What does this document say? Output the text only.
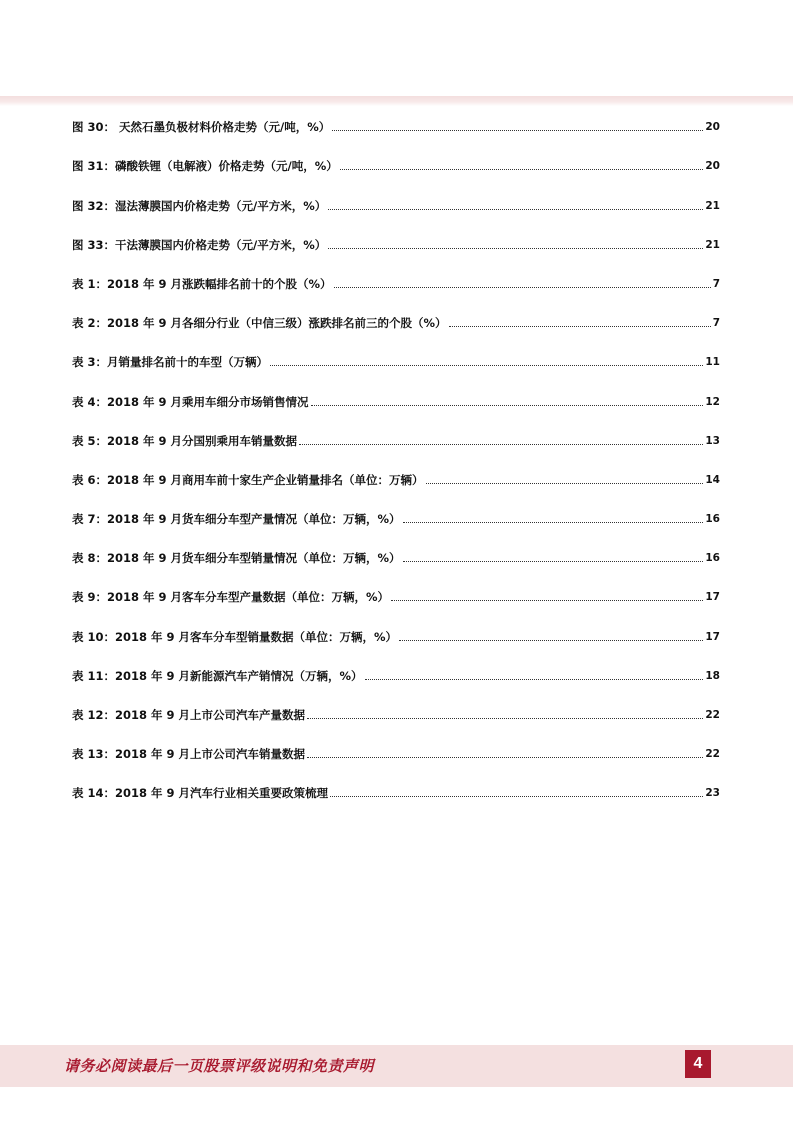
图 30： 天然石墨负极材料价格走势（元/吨，%）	20
图 31：磷酸铁锂（电解液）价格走势（元/吨，%）	20
图 32：湿法薄膜国内价格走势（元/平方米，%）	21
图 33：干法薄膜国内价格走势（元/平方米，%）	21
表 1：2018 年 9 月涨跌幅排名前十的个股（%）	7
表 2：2018 年 9 月各细分行业（中信三级）涨跌排名前三的个股（%）	7
表 3：月销量排名前十的车型（万辆）	11
表 4：2018 年 9 月乘用车细分市场销售情况	12
表 5：2018 年 9 月分国别乘用车销量数据	13
表 6：2018 年 9 月商用车前十家生产企业销量排名（单位：万辆）	14
表 7：2018 年 9 月货车细分车型产量情况（单位：万辆，%）	16
表 8：2018 年 9 月货车细分车型销量情况（单位：万辆，%）	16
表 9：2018 年 9 月客车分车型产量数据（单位：万辆，%）	17
表 10：2018 年 9 月客车分车型销量数据（单位：万辆，%）	17
表 11：2018 年 9 月新能源汽车产销情况（万辆，%）	18
表 12：2018 年 9 月上市公司汽车产量数据	22
表 13：2018 年 9 月上市公司汽车销量数据	22
表 14：2018 年 9 月汽车行业相关重要政策梳理	23
请务必阅读最后一页股票评级说明和免责声明	4
